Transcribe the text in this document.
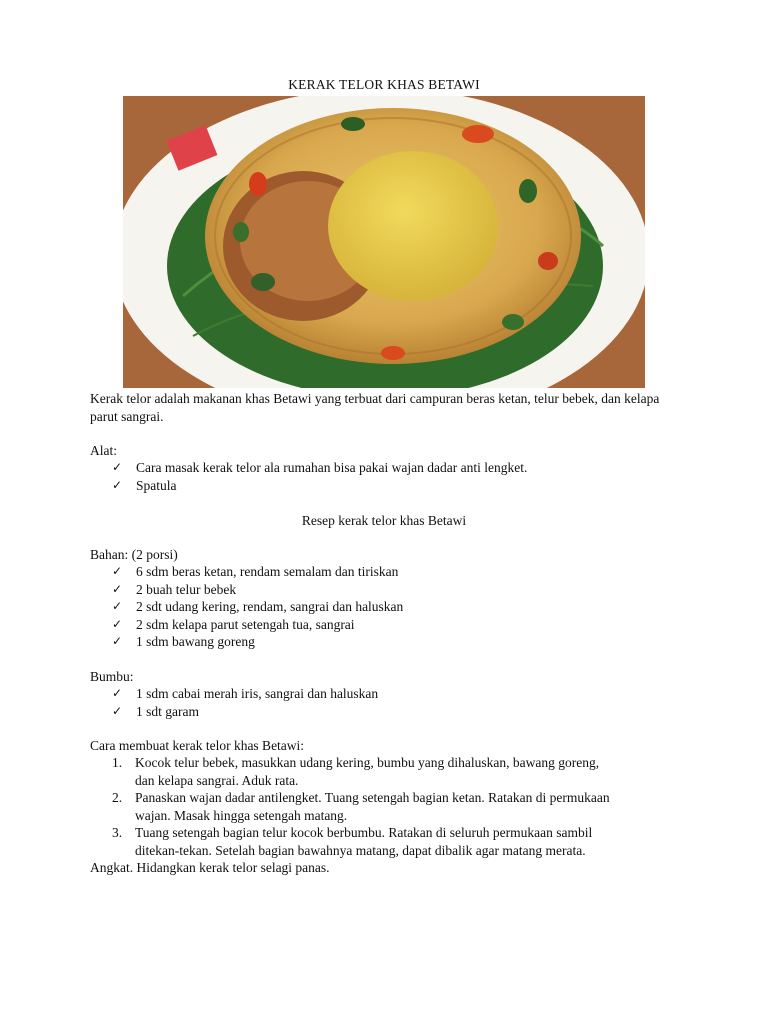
KERAK TELOR KHAS BETAWI
Kerak telor adalah makanan khas Betawi yang terbuat dari campuran beras ketan, telur bebek, dan kelapa parut sangrai.
Alat:
✓ Cara masak kerak telor ala rumahan bisa pakai wajan dadar anti lengket.
✓ Spatula
Resep kerak telor khas Betawi
Bahan: (2 porsi)
✓ 6 sdm beras ketan, rendam semalam dan tiriskan
✓ 2 buah telur bebek
✓ 2 sdt udang kering, rendam, sangrai dan haluskan
✓ 2 sdm kelapa parut setengah tua, sangrai
✓ 1 sdm bawang goreng
Bumbu:
✓ 1 sdm cabai merah iris, sangrai dan haluskan
✓ 1 sdt garam
Cara membuat kerak telor khas Betawi:
1. Kocok telur bebek, masukkan udang kering, bumbu yang dihaluskan, bawang goreng,
dan kelapa sangrai. Aduk rata.
2. Panaskan wajan dadar antilengket. Tuang setengah bagian ketan. Ratakan di permukaan
wajan. Masak hingga setengah matang.
3. Tuang setengah bagian telur kocok berbumbu. Ratakan di seluruh permukaan sambil
ditekan-tekan. Setelah bagian bawahnya matang, dapat dibalik agar matang merata.
Angkat. Hidangkan kerak telor selagi panas.
